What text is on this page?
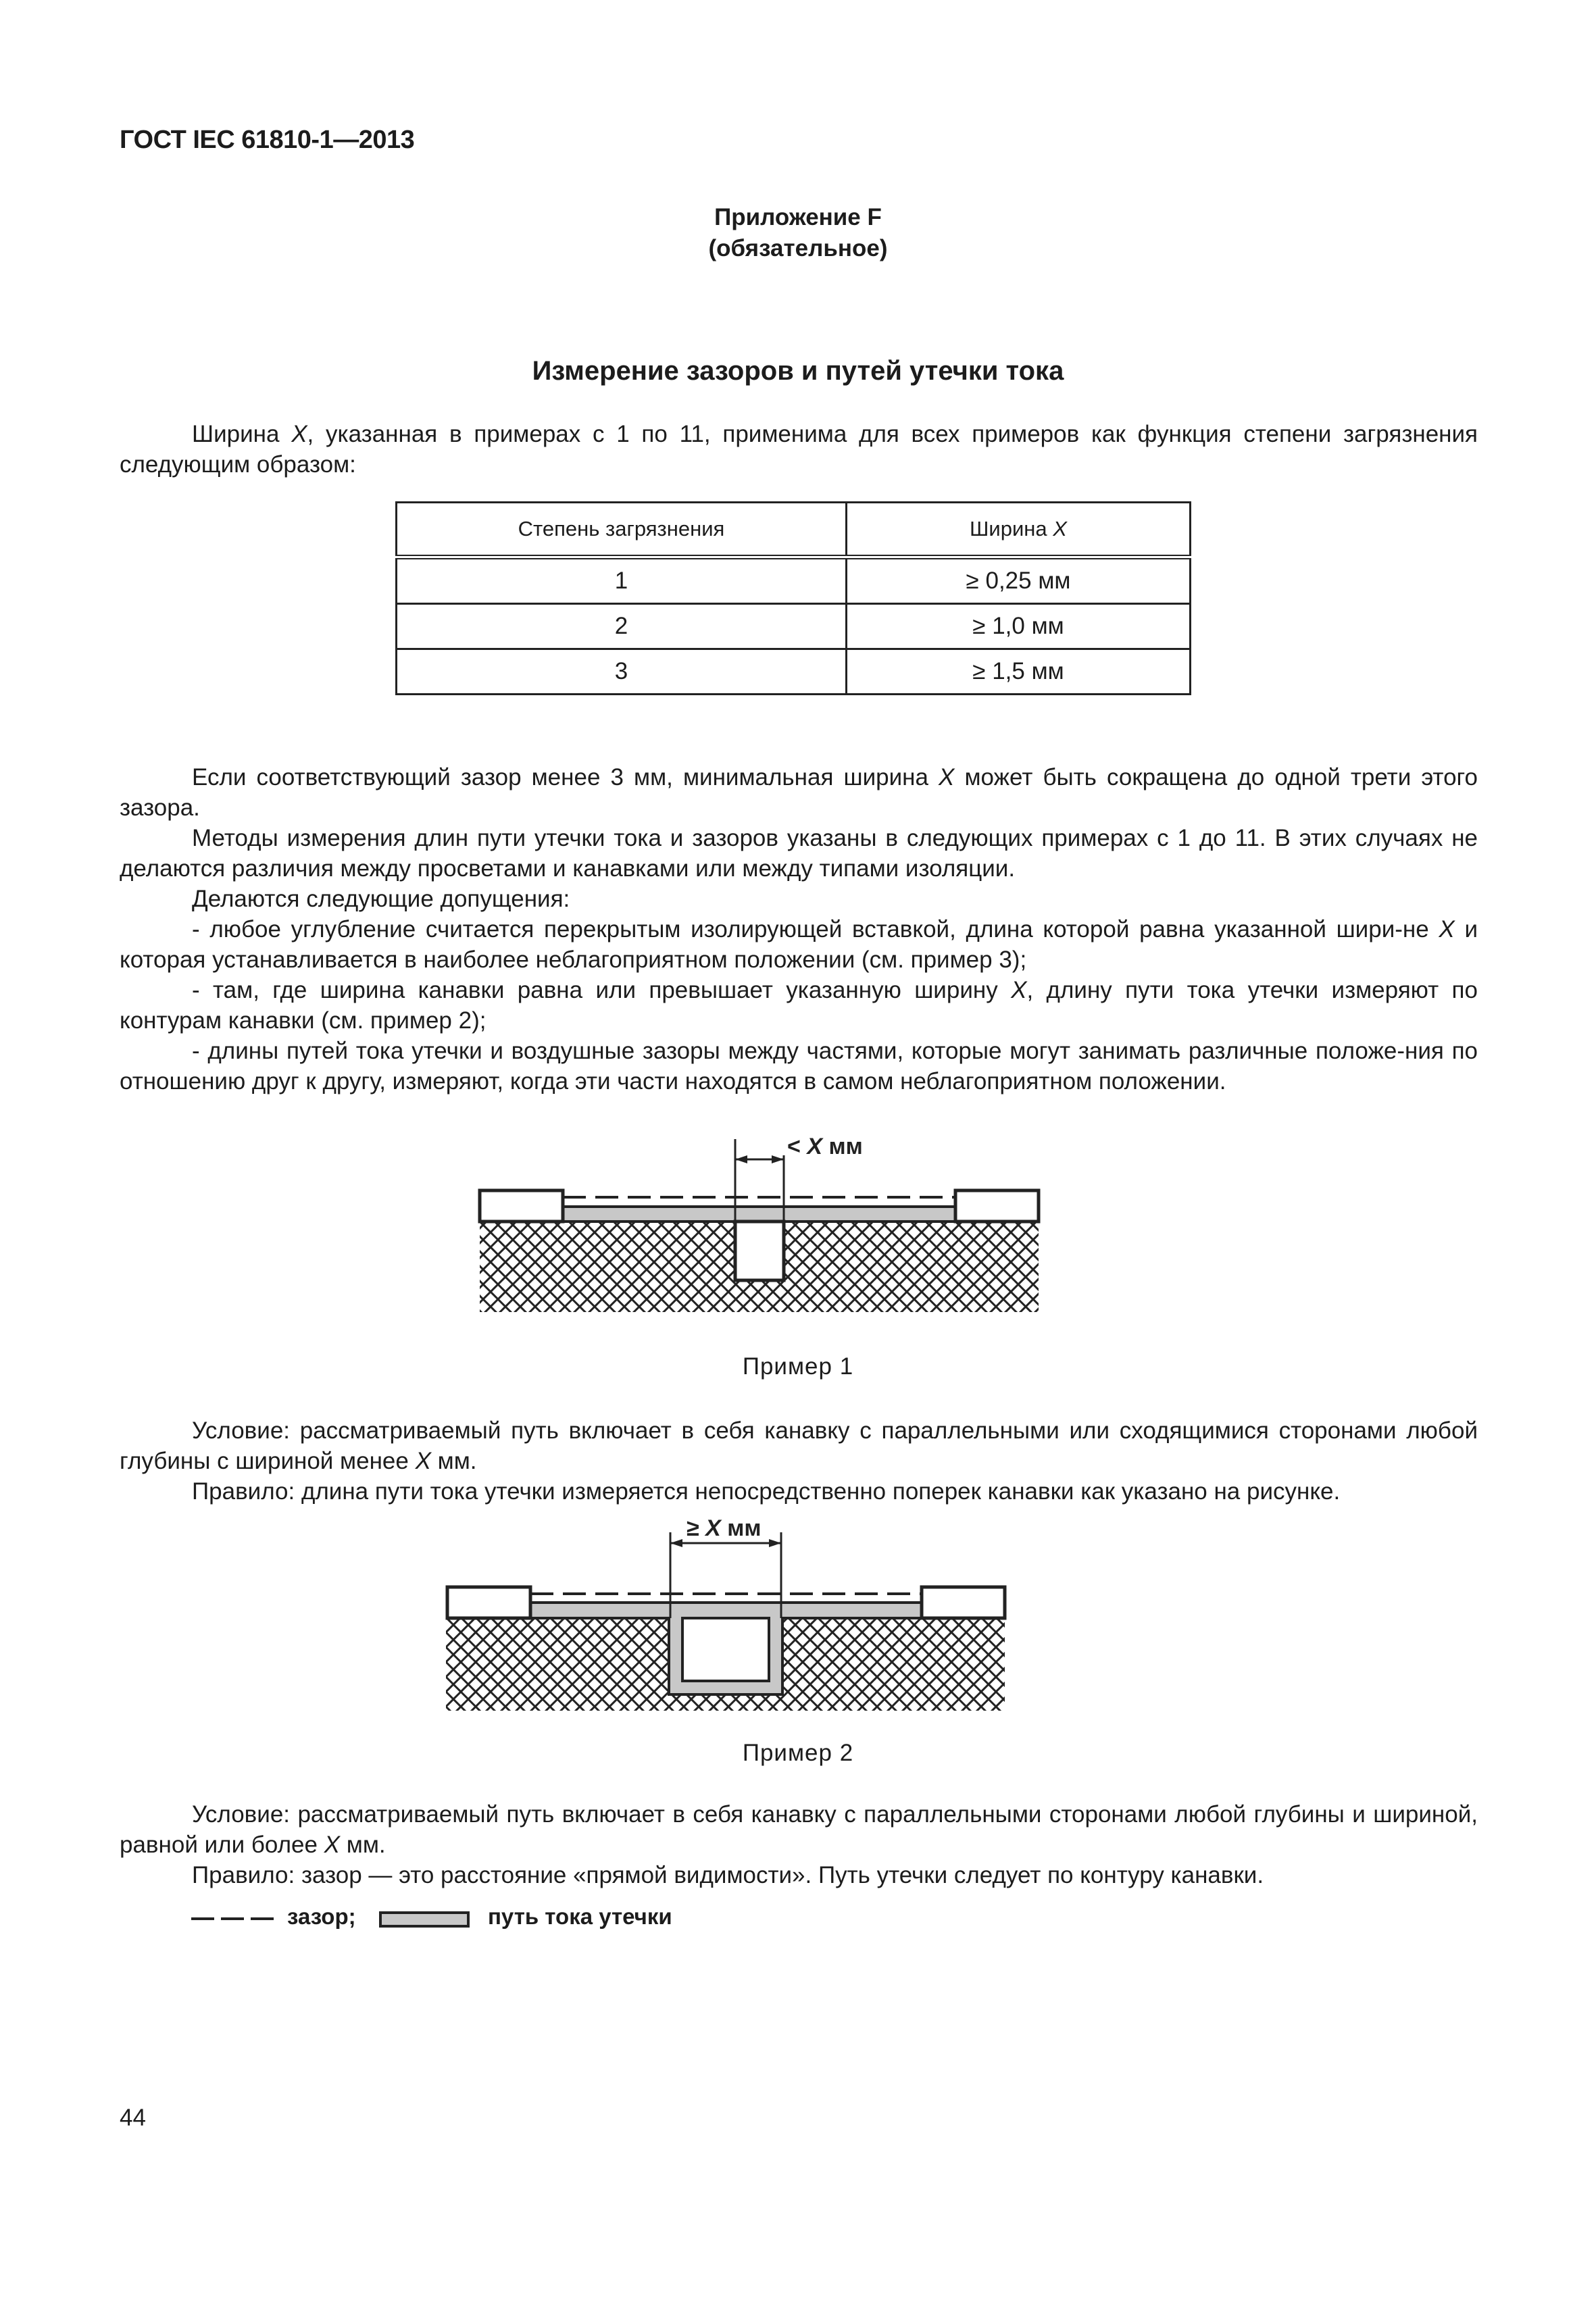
ГОСТ IEC 61810-1—2013
Приложение F
(обязательное)
Измерение зазоров и путей утечки тока

Ширина X, указанная в примерах с 1 по 11, применима для всех примеров как функция степени загрязнения следующим образом:

Степень загрязнения	Ширина X
1	≥ 0,25 мм
2	≥ 1,0 мм
3	≥ 1,5 мм

Если соответствующий зазор менее 3 мм, минимальная ширина X может быть сокращена до одной трети этого зазора.

Методы измерения длин пути утечки тока и зазоров указаны в следующих примерах с 1 до 11. В этих случаях не делаются различия между просветами и канавками или между типами изоляции.

Делаются следующие допущения:

- любое углубление считается перекрытым изолирующей вставкой, длина которой равна указанной шири-не X и которая устанавливается в наиболее неблагоприятном положении (см. пример 3);

- там, где ширина канавки равна или превышает указанную ширину X, длину пути тока утечки измеряют по контурам канавки (см. пример 2);

- длины путей тока утечки и воздушные зазоры между частями, которые могут занимать различные положе-ния по отношению друг к другу, измеряют, когда эти части находятся в самом неблагоприятном положении.

< X мм
Пример 1

Условие: рассматриваемый путь включает в себя канавку с параллельными или сходящимися сторонами любой глубины с шириной менее X мм.

Правило: длина пути тока утечки измеряется непосредственно поперек канавки как указано на рисунке.

≥ X мм
Пример 2

Условие: рассматриваемый путь включает в себя канавку с параллельными сторонами любой глубины и шириной, равной или более X мм.

Правило: зазор — это расстояние «прямой видимости». Путь утечки следует по контуру канавки.

зазор;	путь тока утечки
44
